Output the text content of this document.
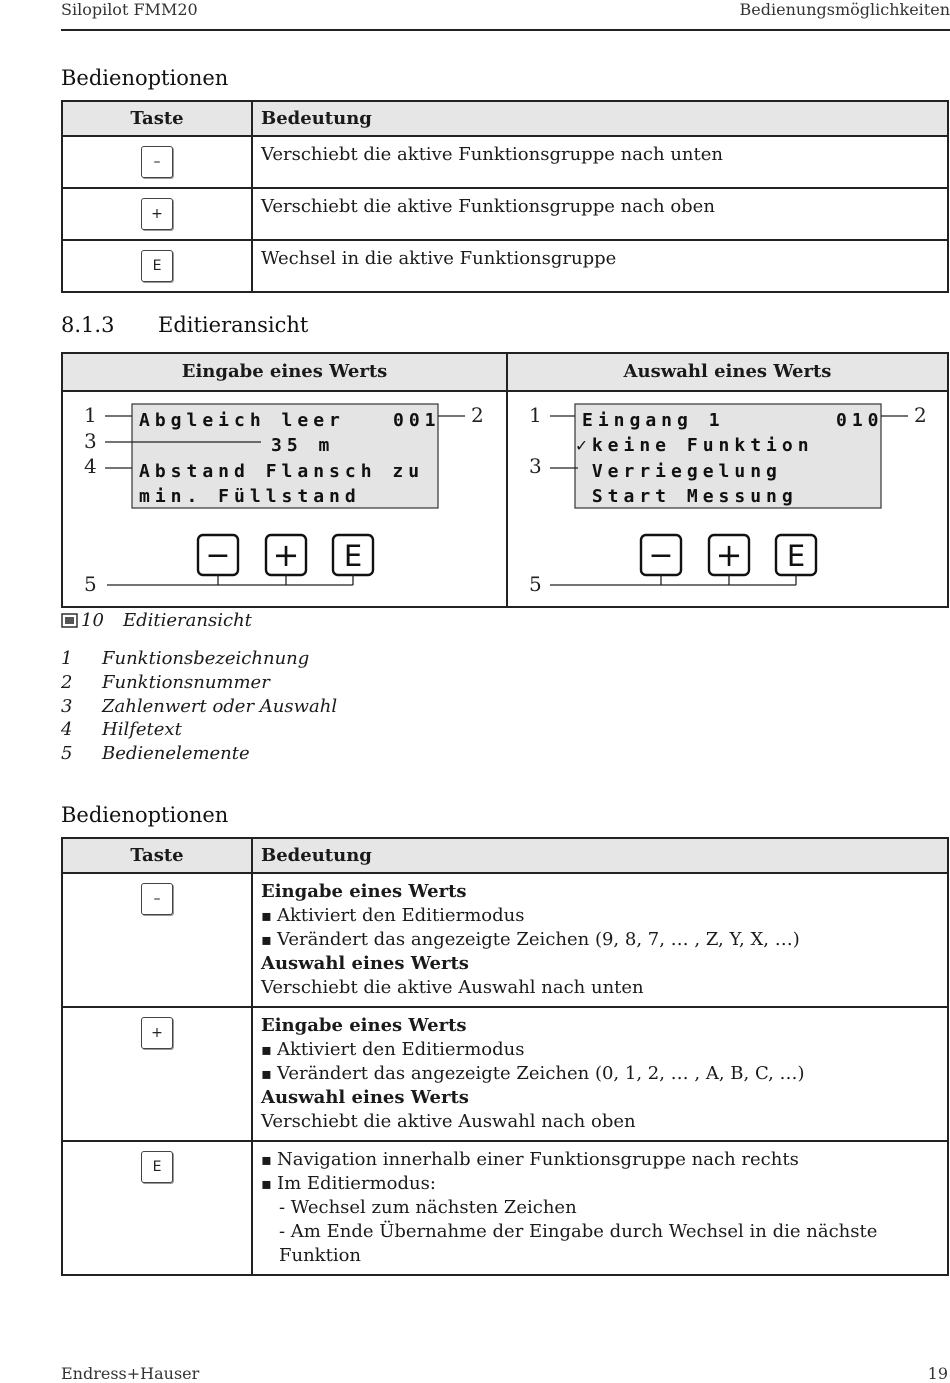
Silopilot FMM20	Bedienungsmöglichkeiten
Bedienoptionen
Taste	Bedeutung
–	Verschiebt die aktive Funktionsgruppe nach unten
+	Verschiebt die aktive Funktionsgruppe nach oben
E	Wechsel in die aktive Funktionsgruppe
8.1.3 Editieransicht
Eingabe eines Werts	Auswahl eines Werts
Abgleich leer	001
35 m
Abstand Flansch zu
min. Füllstand
1
3
4
2
− + E
5
Eingang 1	010
✓keine Funktion
Verriegelung
Start Messung
1
3
2
− + E
5
10 Editieransicht
1 Funktionsbezeichnung
2 Funktionsnummer
3 Zahlenwert oder Auswahl
4 Hilfetext
5 Bedienelemente
Bedienoptionen
Taste	Bedeutung
–	Eingabe eines Werts
▪ Aktiviert den Editiermodus
▪ Verändert das angezeigte Zeichen (9, 8, 7, … , Z, Y, X, …)
Auswahl eines Werts
Verschiebt die aktive Auswahl nach unten

+	Eingabe eines Werts
▪ Aktiviert den Editiermodus
▪ Verändert das angezeigte Zeichen (0, 1, 2, … , A, B, C, …)
Auswahl eines Werts
Verschiebt die aktive Auswahl nach oben

E	▪ Navigation innerhalb einer Funktionsgruppe nach rechts
▪ Im Editiermodus:
- Wechsel zum nächsten Zeichen
- Am Ende Übernahme der Eingabe durch Wechsel in die nächste Funktion
Endress+Hauser	19
